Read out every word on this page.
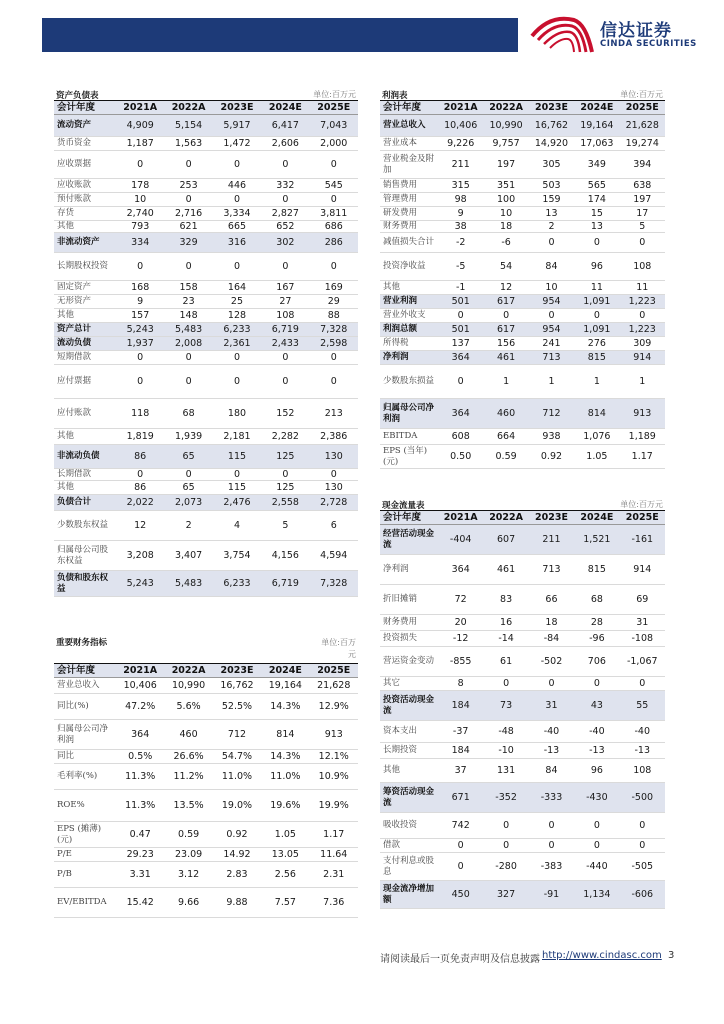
信达证券
CINDA SECURITIES
资产负债表	单位:百万元
会计年度	2021A	2022A	2023E	2024E	2025E
流动资产	4,909	5,154	5,917	6,417	7,043
货币资金	1,187	1,563	1,472	2,606	2,000
应收票据	0	0	0	0	0
应收账款	178	253	446	332	545
预付账款	10	0	0	0	0
存货	2,740	2,716	3,334	2,827	3,811
其他	793	621	665	652	686
非流动资产	334	329	316	302	286
长期股权投资	0	0	0	0	0
固定资产	168	158	164	167	169
无形资产	9	23	25	27	29
其他	157	148	128	108	88
资产总计	5,243	5,483	6,233	6,719	7,328
流动负债	1,937	2,008	2,361	2,433	2,598
短期借款	0	0	0	0	0
应付票据	0	0	0	0	0
应付账款	118	68	180	152	213
其他	1,819	1,939	2,181	2,282	2,386
非流动负债	86	65	115	125	130
长期借款	0	0	0	0	0
其他	86	65	115	125	130
负债合计	2,022	2,073	2,476	2,558	2,728
少数股东权益	12	2	4	5	6
归属母公司股东权益	3,208	3,407	3,754	4,156	4,594
负债和股东权益	5,243	5,483	6,233	6,719	7,328
利润表	单位:百万元
会计年度	2021A	2022A	2023E	2024E	2025E
营业总收入	10,406	10,990	16,762	19,164	21,628
营业成本	9,226	9,757	14,920	17,063	19,274
营业税金及附加	211	197	305	349	394
销售费用	315	351	503	565	638
管理费用	98	100	159	174	197
研发费用	9	10	13	15	17
财务费用	38	18	2	13	5
减值损失合计	-2	-6	0	0	0
投资净收益	-5	54	84	96	108
其他	-1	12	10	11	11
营业利润	501	617	954	1,091	1,223
营业外收支	0	0	0	0	0
利润总额	501	617	954	1,091	1,223
所得税	137	156	241	276	309
净利润	364	461	713	815	914
少数股东损益	0	1	1	1	1
归属母公司净利润	364	460	712	814	913
EBITDA	608	664	938	1,076	1,189
EPS (当年)(元)	0.50	0.59	0.92	1.05	1.17
现金流量表	单位:百万元
会计年度	2021A	2022A	2023E	2024E	2025E
经营活动现金流	-404	607	211	1,521	-161
净利润	364	461	713	815	914
折旧摊销	72	83	66	68	69
财务费用	20	16	18	28	31
投资损失	-12	-14	-84	-96	-108
营运资金变动	-855	61	-502	706	-1,067
其它	8	0	0	0	0
投资活动现金流	184	73	31	43	55
资本支出	-37	-48	-40	-40	-40
长期投资	184	-10	-13	-13	-13
其他	37	131	84	96	108
筹资活动现金流	671	-352	-333	-430	-500
吸收投资	742	0	0	0	0
借款	0	0	0	0	0
支付利息或股息	0	-280	-383	-440	-505
现金流净增加额	450	327	-91	1,134	-606
重要财务指标	单位:百万元
会计年度	2021A	2022A	2023E	2024E	2025E
营业总收入	10,406	10,990	16,762	19,164	21,628
同比(%)	47.2%	5.6%	52.5%	14.3%	12.9%
归属母公司净利润	364	460	712	814	913
同比	0.5%	26.6%	54.7%	14.3%	12.1%
毛利率(%)	11.3%	11.2%	11.0%	11.0%	10.9%
ROE%	11.3%	13.5%	19.0%	19.6%	19.9%
EPS (摊薄)(元)	0.47	0.59	0.92	1.05	1.17
P/E	29.23	23.09	14.92	13.05	11.64
P/B	3.31	3.12	2.83	2.56	2.31
EV/EBITDA	15.42	9.66	9.88	7.57	7.36
请阅读最后一页免责声明及信息披露 http://www.cindasc.com 3
